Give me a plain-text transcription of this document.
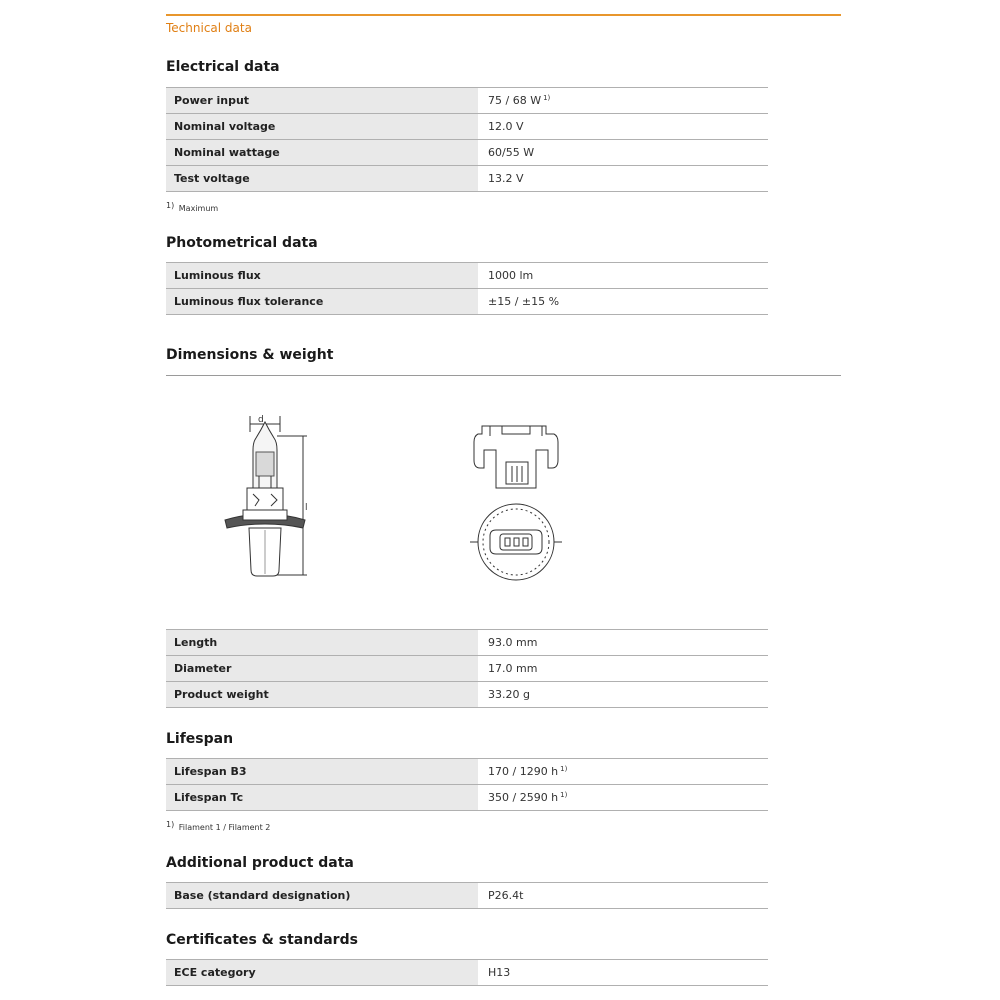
Technical data
Electrical data
Power input	75 / 68 W $^{1)}$
Nominal voltage	12.0 V
Nominal wattage	60/55 W
Test voltage	13.2 V
1) Maximum
Photometrical data
Luminous flux	1000 lm
Luminous flux tolerance	±15 / ±15 %
Dimensions & weight
d
l
Length	93.0 mm
Diameter	17.0 mm
Product weight	33.20 g
Lifespan
Lifespan B3	170 / 1290 h $^{1)}$
Lifespan Tc	350 / 2590 h $^{1)}$
1) Filament 1 / Filament 2
Additional product data
Base (standard designation)	P26.4t
Certificates & standards
ECE category	H13
